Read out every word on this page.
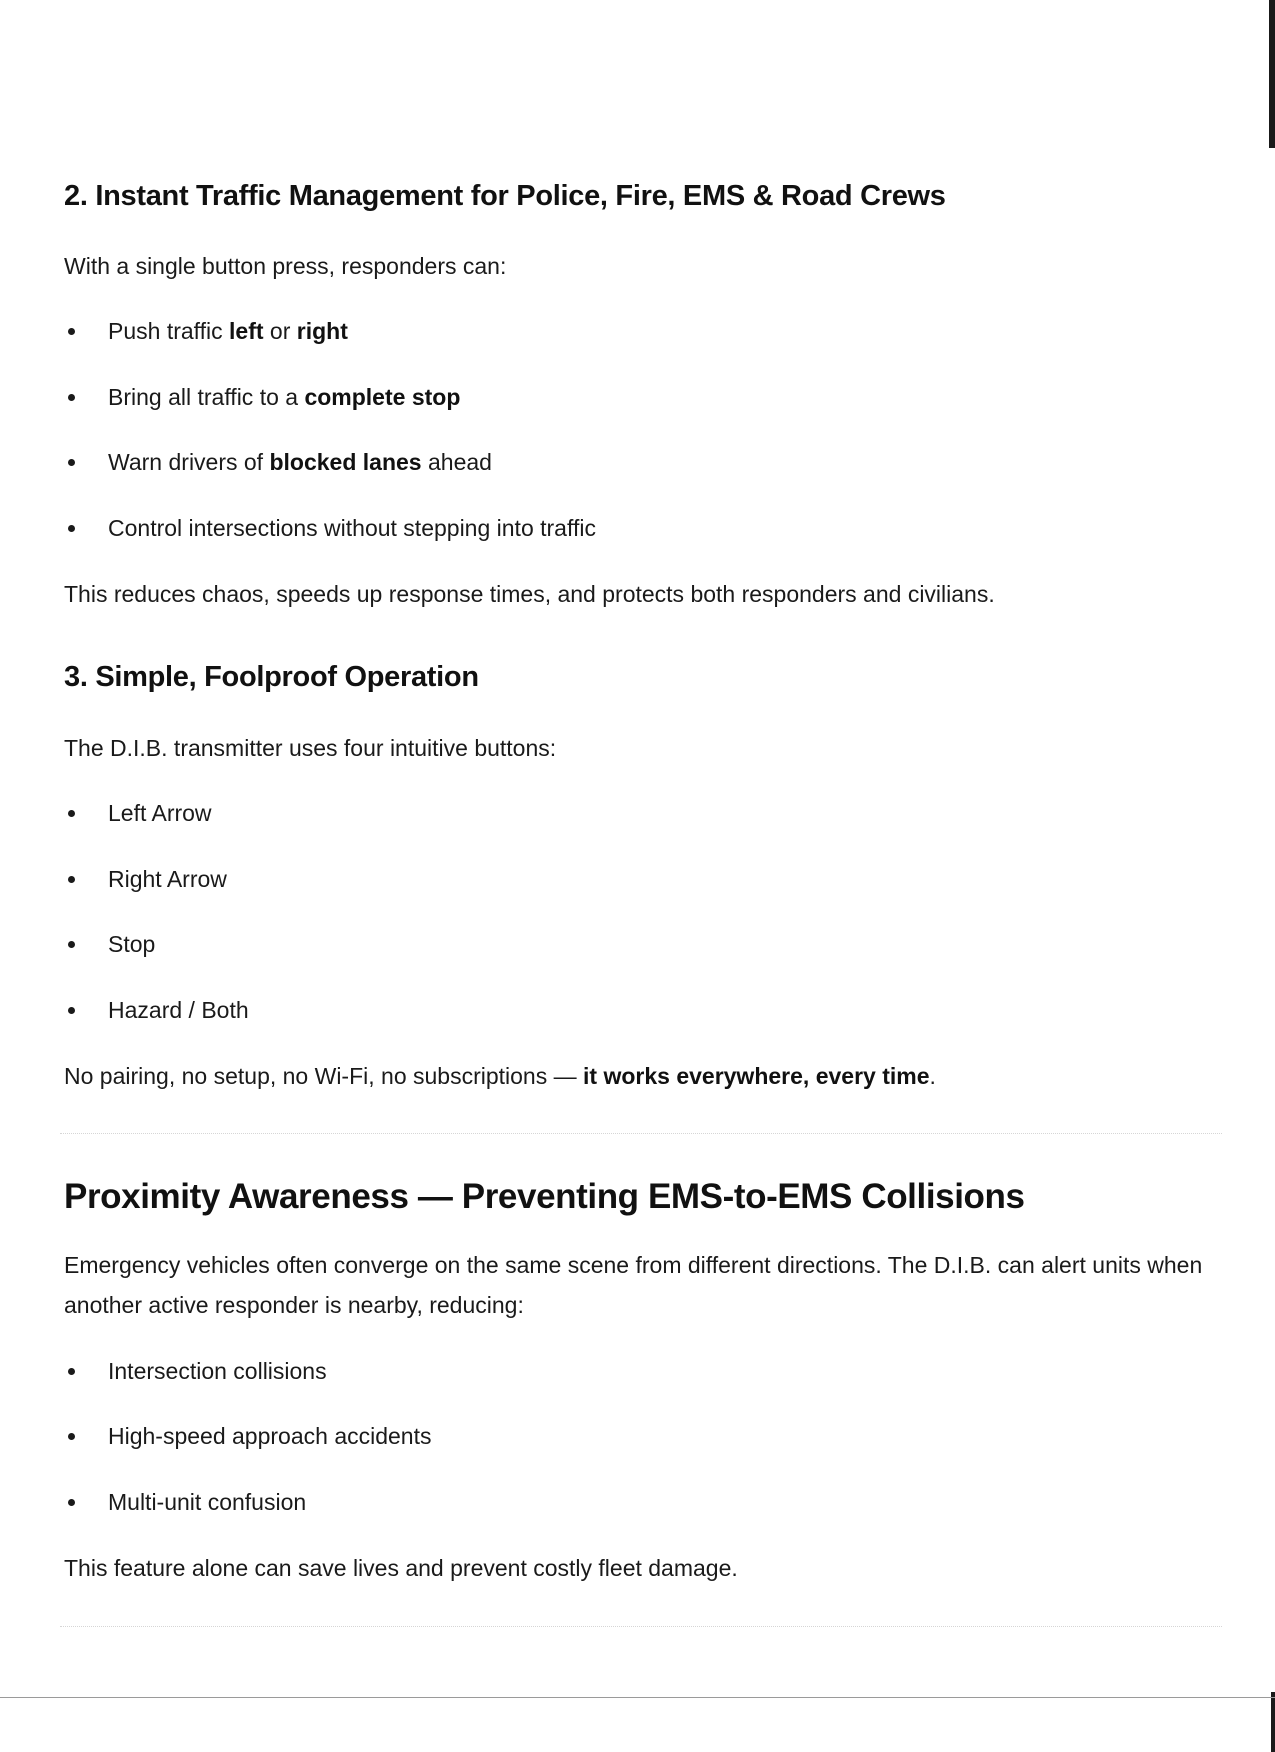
2. Instant Traffic Management for Police, Fire, EMS & Road Crews

With a single button press, responders can:

Push traffic left or right
Bring all traffic to a complete stop
Warn drivers of blocked lanes ahead
Control intersections without stepping into traffic

This reduces chaos, speeds up response times, and protects both responders and civilians.

3. Simple, Foolproof Operation

The D.I.B. transmitter uses four intuitive buttons:

Left Arrow
Right Arrow
Stop
Hazard / Both

No pairing, no setup, no Wi-Fi, no subscriptions — it works everywhere, every time.

Proximity Awareness — Preventing EMS-to-EMS Collisions

Emergency vehicles often converge on the same scene from different directions. The D.I.B. can alert units when another active responder is nearby, reducing:

Intersection collisions
High-speed approach accidents
Multi-unit confusion

This feature alone can save lives and prevent costly fleet damage.
